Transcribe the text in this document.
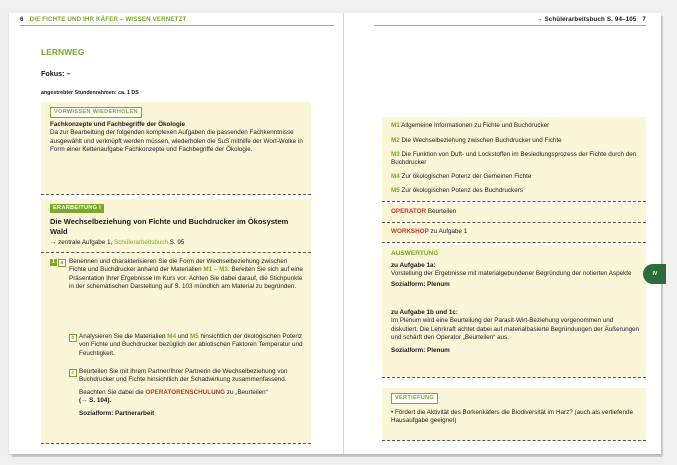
6 DIE FICHTE UND IHR KÄFER – WISSEN VERNETZT	→ Schülerarbeitsbuch S. 94–105 7
LERNWEG
Fokus: –
angestrebter Stundenrahmen: ca. 1 DS
VORWISSEN WIEDERHOLEN
Fachkonzepte und Fachbegriffe der Ökologie
Da zur Bearbeitung der folgenden komplexen Aufgaben die passenden Fachkenntnisse ausgewählt und verknüpft werden müssen, wiederholen die SuS mithilfe der Wort-Wolke in Form einer Kettenaufgabe Fachkonzepte und Fachbegriffe der Ökologie.
ERARBEITUNG I
Die Wechselbeziehung von Fichte und Buchdrucker im Ökosystem Wald
→ zentrale Aufgabe 1, Schülerarbeitsbuch S. 95
1	a Benennen und charakterisieren Sie die Form der Wechselbeziehung zwischen Fichte und Buchdrucker anhand der Materialien M1 – M3. Bereiten Sie sich auf eine Präsentation Ihrer Ergebnisse im Kurs vor. Achten Sie dabei darauf, die Stichpunkte in der schematischen Darstellung auf S. 103 mündlich am Material zu begründen.
b Analysieren Sie die Materialien M4 und M5 hinsichtlich der ökologischen Potenz von Fichte und Buchdrucker bezüglich der abiotischen Faktoren Temperatur und Feuchtigkeit.
c Beurteilen Sie mit Ihrem Partner/Ihrer Partnerin die Wechselbeziehung von Buchdrucker und Fichte hinsichtlich der Schadwirkung zusammenfassend.
Beachten Sie dabei die OPERATORENSCHULUNG zu „Beurteilen“
(→ S. 104).
Sozialform: Partnerarbeit
M1 Allgemeine Informationen zu Fichte und Buchdrucker
M2 Die Wechselbeziehung zwischen Buchdrucker und Fichte
M3 Die Funktion von Duft- und Lockstoffen im Besiedlungsprozess der Fichte durch den Buchdrucker
M4 Zur ökologischen Potenz der Gemeinen Fichte
M5 Zur ökologischen Potenz des Buchdruckers
OPERATOR Beurteilen
WORKSHOP zu Aufgabe 1
AUSWERTUNG
zu Aufgabe 1a:
Vorstellung der Ergebnisse mit materialgebundener Begründung der notierten Aspekte
Sozialform: Plenum
zu Aufgabe 1b und 1c:
Im Plenum wird eine Beurteilung der Parasit-Wirt-Beziehung vorgenommen und diskutiert. Die Lehrkraft achtet dabei auf materialbasierte Begründungen der Äußerungen und schärft den Operator „Beurteilen“ aus.
Sozialform: Plenum
VERTIEFUNG
• Fördert die Aktivität des Borkenkäfers die Biodiversität im Harz? (auch als vertiefende Hausaufgabe geeignet)
IV
